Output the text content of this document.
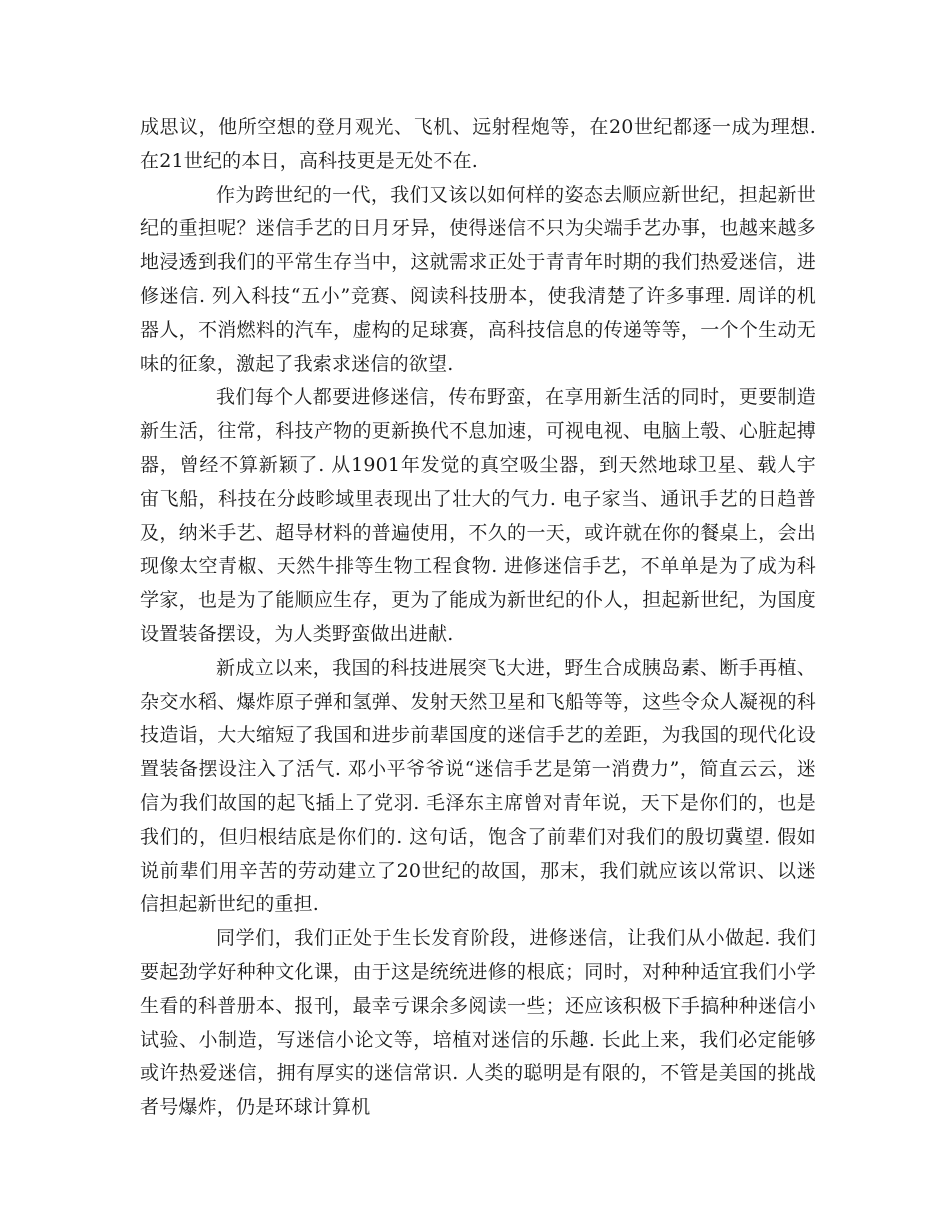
成思议，他所空想的登月观光、飞机、远射程炮等，在20世纪都逐一成为理想. 在21世纪的本日，高科技更是无处不在.

作为跨世纪的一代，我们又该以如何样的姿态去顺应新世纪，担起新世纪的重担呢？迷信手艺的日月牙异，使得迷信不只为尖端手艺办事，也越来越多地浸透到我们的平常生存当中，这就需求正处于青青年时期的我们热爱迷信，进修迷信. 列入科技“五小”竞赛、阅读科技册本，使我清楚了许多事理. 周详的机器人，不消燃料的汽车，虚构的足球赛，高科技信息的传递等等，一个个生动无味的征象，激起了我索求迷信的欲望.

我们每个人都要进修迷信，传布野蛮，在享用新生活的同时，更要制造新生活，往常，科技产物的更新换代不息加速，可视电视、电脑上彀、心脏起搏器，曾经不算新颖了. 从1901年发觉的真空吸尘器，到天然地球卫星、载人宇宙飞船，科技在分歧畛域里表现出了壮大的气力. 电子家当、通讯手艺的日趋普及，纳米手艺、超导材料的普遍使用，不久的一天，或许就在你的餐桌上，会出现像太空青椒、天然牛排等生物工程食物. 进修迷信手艺，不单单是为了成为科学家，也是为了能顺应生存，更为了能成为新世纪的仆人，担起新世纪，为国度设置装备摆设，为人类野蛮做出进献.

新成立以来，我国的科技进展突飞大进，野生合成胰岛素、断手再植、杂交水稻、爆炸原子弹和氢弹、发射天然卫星和飞船等等，这些令众人凝视的科技造诣，大大缩短了我国和进步前辈国度的迷信手艺的差距，为我国的现代化设置装备摆设注入了活气. 邓小平爷爷说“迷信手艺是第一消费力”，简直云云，迷信为我们故国的起飞插上了党羽. 毛泽东主席曾对青年说，天下是你们的，也是我们的，但归根结底是你们的. 这句话，饱含了前辈们对我们的殷切冀望. 假如说前辈们用辛苦的劳动建立了20世纪的故国，那末，我们就应该以常识、以迷信担起新世纪的重担.

同学们，我们正处于生长发育阶段，进修迷信，让我们从小做起. 我们要起劲学好种种文化课，由于这是统统进修的根底；同时，对种种适宜我们小学生看的科普册本、报刊，最幸亏课余多阅读一些；还应该积极下手搞种种迷信小试验、小制造，写迷信小论文等，培植对迷信的乐趣. 长此上来，我们必定能够或许热爱迷信，拥有厚实的迷信常识. 人类的聪明是有限的，不管是美国的挑战者号爆炸，仍是环球计算机
